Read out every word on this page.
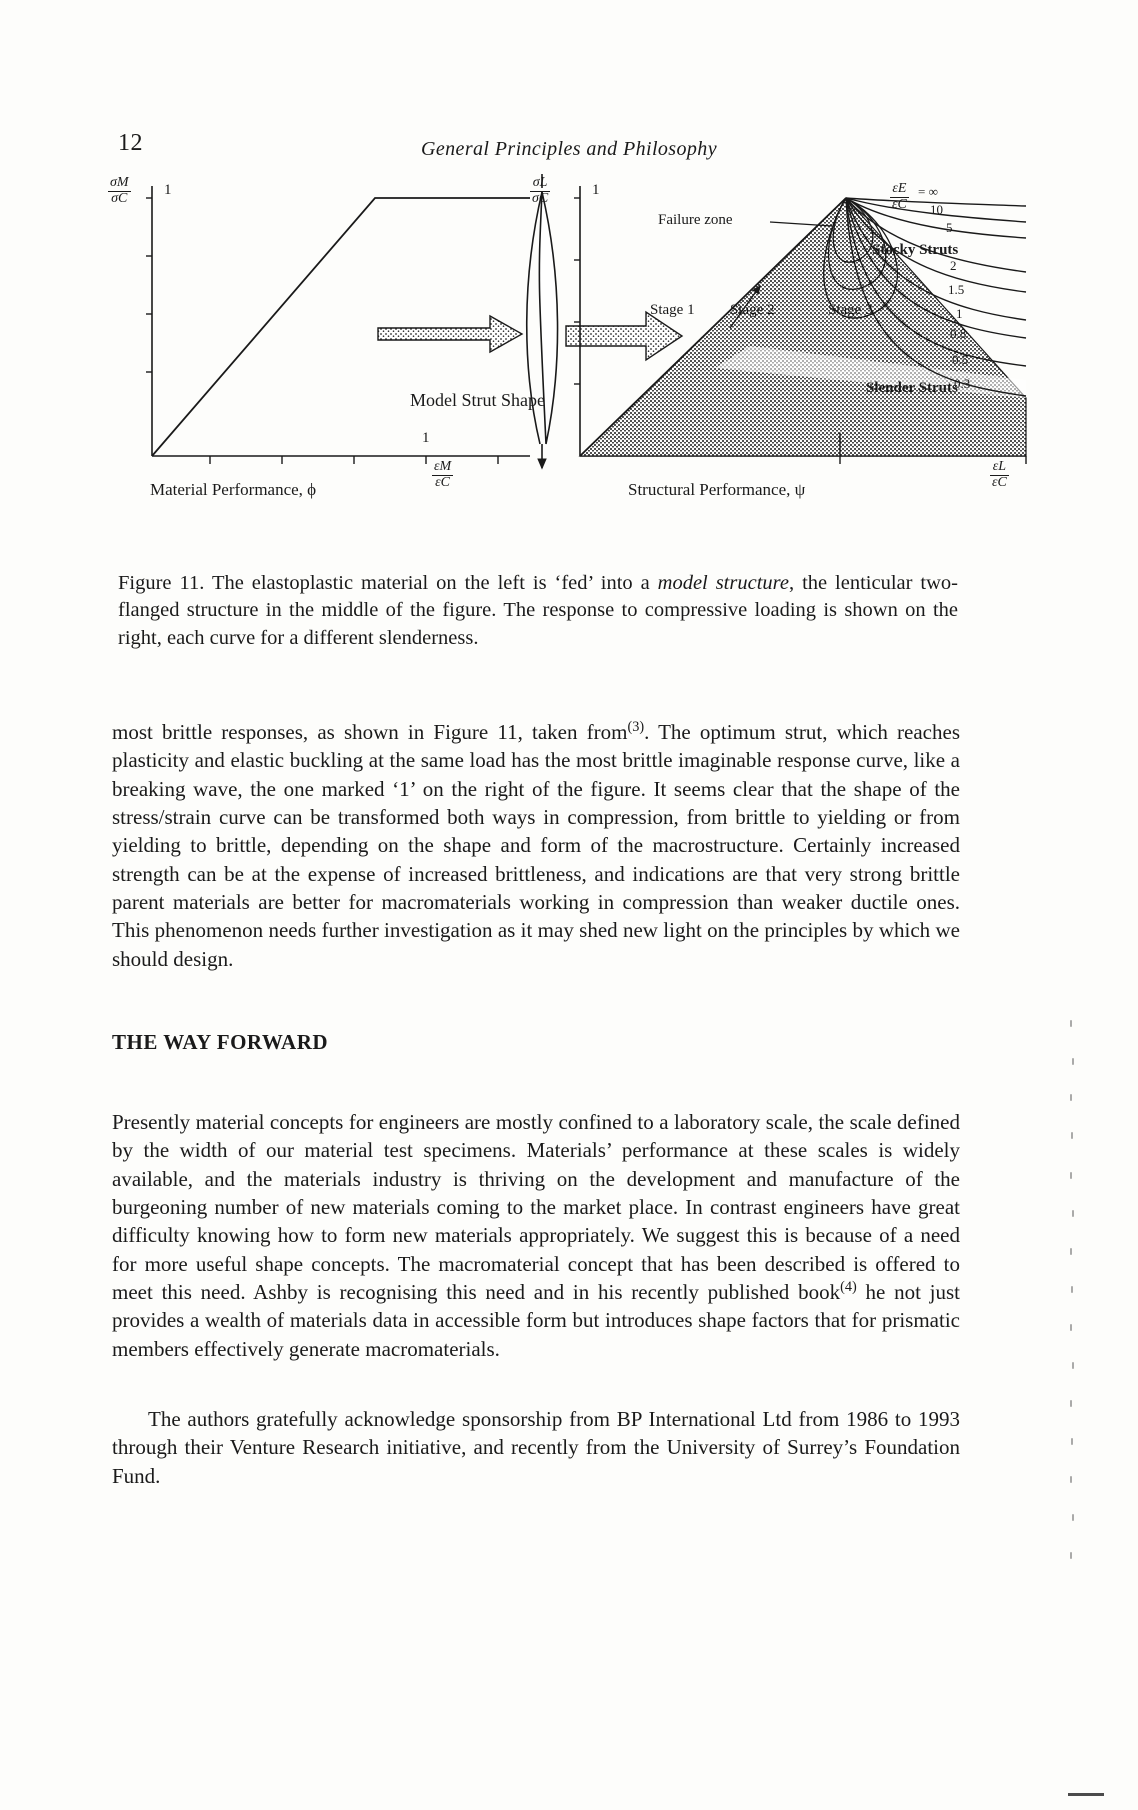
12	General Principles and Philosophy
$\frac{\sigma M}{\sigma C} 1$
1
$\frac{\varepsilon M}{\varepsilon C}$
Material Performance, ϕ
Model Strut Shape
$\frac{\sigma L}{\sigma C}$	1
$\frac{\varepsilon L}{\varepsilon C}$
1
Structural Performance, ψ
Failure zone
Stocky Struts
Slender Struts
Stage 1 Stage 2	Stage 3
$\frac{\varepsilon E}{\varepsilon C}$ = ∞
10
5
2
1.5
1
0.8
0.5
0.3
Figure 11. The elastoplastic material on the left is ‘fed’ into a model structure, the lenticular two-flanged structure in the middle of the figure. The response to compressive loading is shown on the right, each curve for a different slenderness.
most brittle responses, as shown in Figure 11, taken from$^{(3)}$. The optimum strut, which reaches plasticity and elastic buckling at the same load has the most brittle imaginable response curve, like a breaking wave, the one marked ‘1’ on the right of the figure. It seems clear that the shape of the stress/strain curve can be transformed both ways in compression, from brittle to yielding or from yielding to brittle, depending on the shape and form of the macrostructure. Certainly increased strength can be at the expense of increased brittleness, and indications are that very strong brittle parent materials are better for macromaterials working in compression than weaker ductile ones. This phenomenon needs further investigation as it may shed new light on the principles by which we should design.
THE WAY FORWARD
Presently material concepts for engineers are mostly confined to a laboratory scale, the scale defined by the width of our material test specimens. Materials’ performance at these scales is widely available, and the materials industry is thriving on the development and manufacture of the burgeoning number of new materials coming to the market place. In contrast engineers have great difficulty knowing how to form new materials appropriately. We suggest this is because of a need for more useful shape concepts. The macromaterial concept that has been described is offered to meet this need. Ashby is recognising this need and in his recently published book$^{(4)}$ he not just provides a wealth of materials data in accessible form but introduces shape factors that for prismatic members effectively generate macromaterials.
The authors gratefully acknowledge sponsorship from BP International Ltd from 1986 to 1993 through their Venture Research initiative, and recently from the University of Surrey’s Foundation Fund.
